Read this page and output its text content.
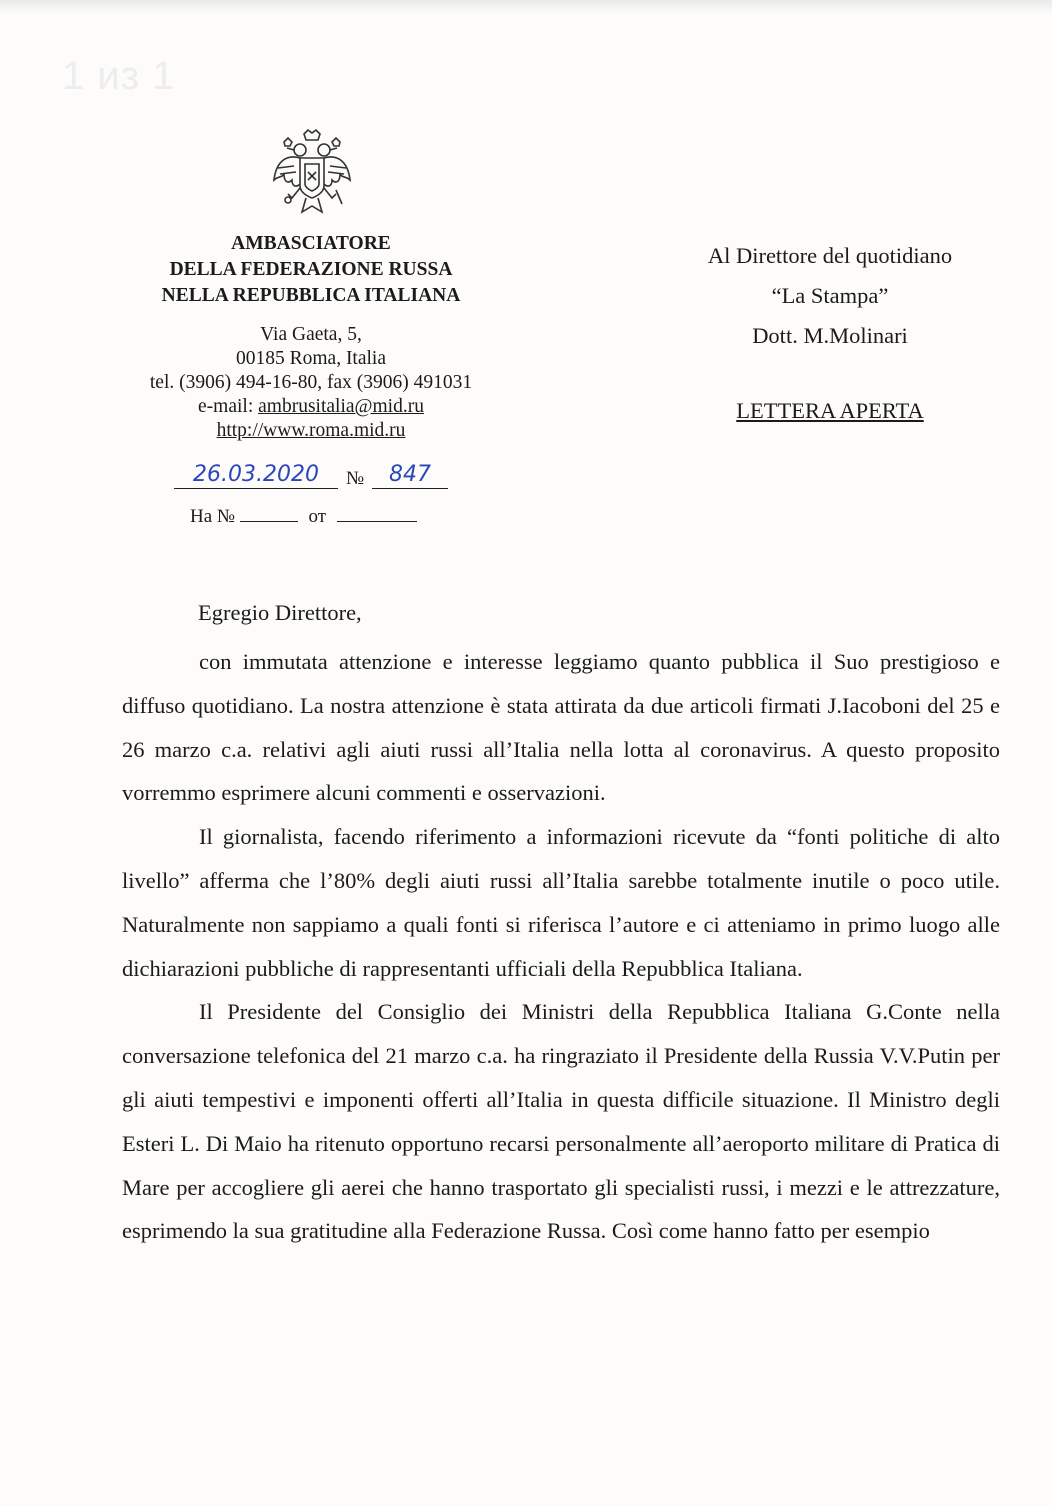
1 из 1
AMBASCIATORE
DELLA FEDERAZIONE RUSSA
NELLA REPUBBLICA ITALIANA
Via Gaeta, 5,
00185 Roma, Italia
tel. (3906) 494-16-80, fax (3906) 491031
e-mail: ambrusitalia@mid.ru
http://www.roma.mid.ru
26.03.2020	№	847
На №	от
Al Direttore del quotidiano
“La Stampa”
Dott. M.Molinari
LETTERA APERTA
Egregio Direttore,

con immutata attenzione e interesse leggiamo quanto pubblica il Suo prestigioso e diffuso quotidiano. La nostra attenzione è stata attirata da due articoli firmati J.Iacoboni del 25 e 26 marzo c.a. relativi agli aiuti russi all’Italia nella lotta al coronavirus. A questo proposito vorremmo esprimere alcuni commenti e osservazioni.

Il giornalista, facendo riferimento a informazioni ricevute da “fonti politiche di alto livello” afferma che l’80% degli aiuti russi all’Italia sarebbe totalmente inutile o poco utile. Naturalmente non sappiamo a quali fonti si riferisca l’autore e ci atteniamo in primo luogo alle dichiarazioni pubbliche di rappresentanti ufficiali della Repubblica Italiana.

Il Presidente del Consiglio dei Ministri della Repubblica Italiana G.Conte nella conversazione telefonica del 21 marzo c.a. ha ringraziato il Presidente della Russia V.V.Putin per gli aiuti tempestivi e imponenti offerti all’Italia in questa difficile situazione. Il Ministro degli Esteri L. Di Maio ha ritenuto opportuno recarsi personalmente all’aeroporto militare di Pratica di Mare per accogliere gli aerei che hanno trasportato gli specialisti russi, i mezzi e le attrezzature, esprimendo la sua gratitudine alla Federazione Russa. Così come hanno fatto per esempio
